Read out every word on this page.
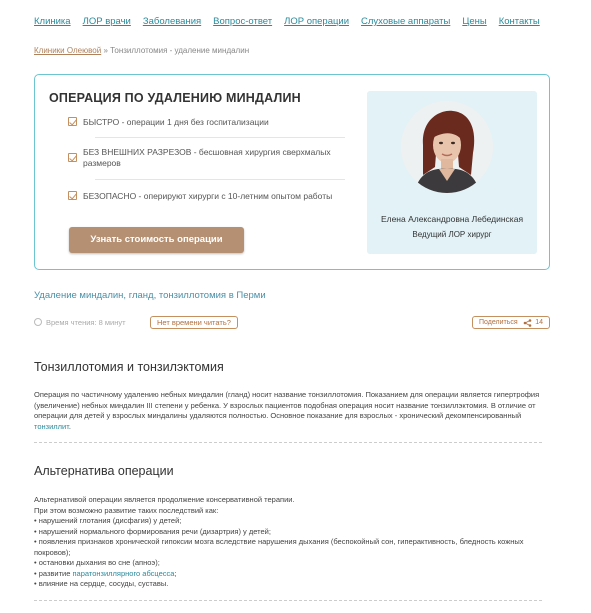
Клиника ЛОР врачи Заболевания Вопрос-ответ ЛОР операции Слуховые аппараты Цены Контакты
Клиники Олеювой » Тонзиллотомия - удаление миндалин
ОПЕРАЦИЯ ПО УДАЛЕНИЮ МИНДАЛИН
БЫСТРО - операции 1 дня без госпитализации
БЕЗ ВНЕШНИХ РАЗРЕЗОВ - бесшовная хирургия сверхмалых размеров
БЕЗОПАСНО - оперируют хирурги с 10-летним опытом работы
Узнать стоимость операции
Елена Александровна Лебединская
Ведущий ЛОР хирург
Удаление миндалин, гланд, тонзиллотомия в Перми
Время чтения: 8 минут	Нет времени читать?	Поделиться	14
Тонзиллотомия и тонзилэктомия
Операция по частичному удалению небных миндалин (гланд) носит название тонзиллотомия. Показанием для операции является гипертрофия (увеличение) небных миндалин III степени у ребенка. У взрослых пациентов подобная операция носит название тонзиллэктомия. В отличие от операции для детей у взрослых миндалины удаляются полностью. Основное показание для взрослых - хронический декомпенсированный тонзиллит.
Альтернатива операции
Альтернативой операции является продолжение консервативной терапии.
При этом возможно развитие таких последствий как:
• нарушений глотания (дисфагия) у детей;
• нарушений нормального формирования речи (дизартрия) у детей;
• появления признаков хронической гипоксии мозга вследствие нарушения дыхания (беспокойный сон, гиперактивность, бледность кожных покровов);
• остановки дыхания во сне (апноэ);
• развитие паратонзиллярного абсцесса;
• влияние на сердце, сосуды, суставы.
